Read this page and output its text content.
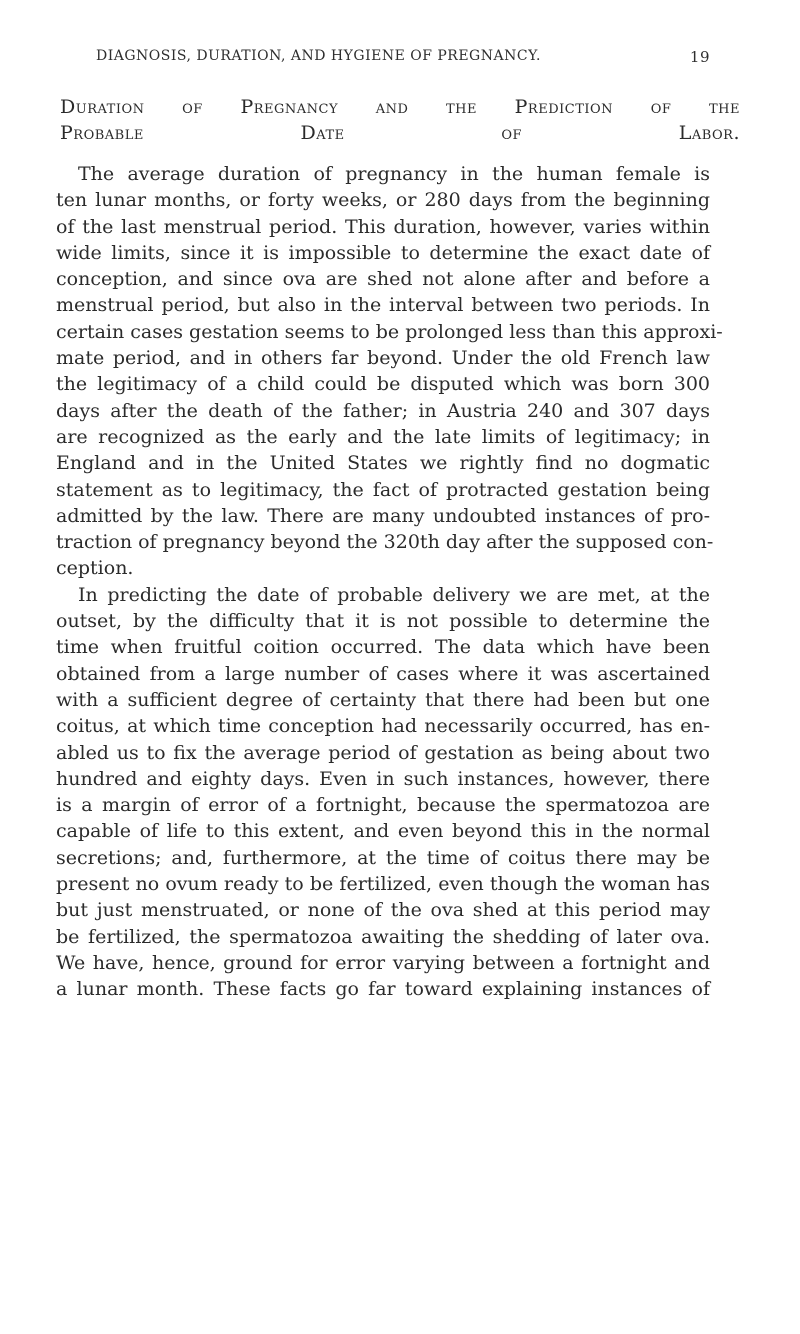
DIAGNOSIS, DURATION, AND HYGIENE OF PREGNANCY.	19
Duration of Pregnancy and the Prediction of the
Probable Date of Labor.
The average duration of pregnancy in the human female is
ten lunar months, or forty weeks, or 280 days from the beginning
of the last menstrual period. This duration, however, varies within
wide limits, since it is impossible to determine the exact date of
conception, and since ova are shed not alone after and before a
menstrual period, but also in the interval between two periods. In
certain cases gestation seems to be prolonged less than this approxi-
mate period, and in others far beyond. Under the old French law
the legitimacy of a child could be disputed which was born 300
days after the death of the father; in Austria 240 and 307 days
are recognized as the early and the late limits of legitimacy; in
England and in the United States we rightly find no dogmatic
statement as to legitimacy, the fact of protracted gestation being
admitted by the law. There are many undoubted instances of pro-
traction of pregnancy beyond the 320th day after the supposed con-
ception.
In predicting the date of probable delivery we are met, at the
outset, by the difficulty that it is not possible to determine the
time when fruitful coition occurred. The data which have been
obtained from a large number of cases where it was ascertained
with a sufficient degree of certainty that there had been but one
coitus, at which time conception had necessarily occurred, has en-
abled us to fix the average period of gestation as being about two
hundred and eighty days. Even in such instances, however, there
is a margin of error of a fortnight, because the spermatozoa are
capable of life to this extent, and even beyond this in the normal
secretions; and, furthermore, at the time of coitus there may be
present no ovum ready to be fertilized, even though the woman has
but just menstruated, or none of the ova shed at this period may
be fertilized, the spermatozoa awaiting the shedding of later ova.
We have, hence, ground for error varying between a fortnight and
a lunar month. These facts go far toward explaining instances of
